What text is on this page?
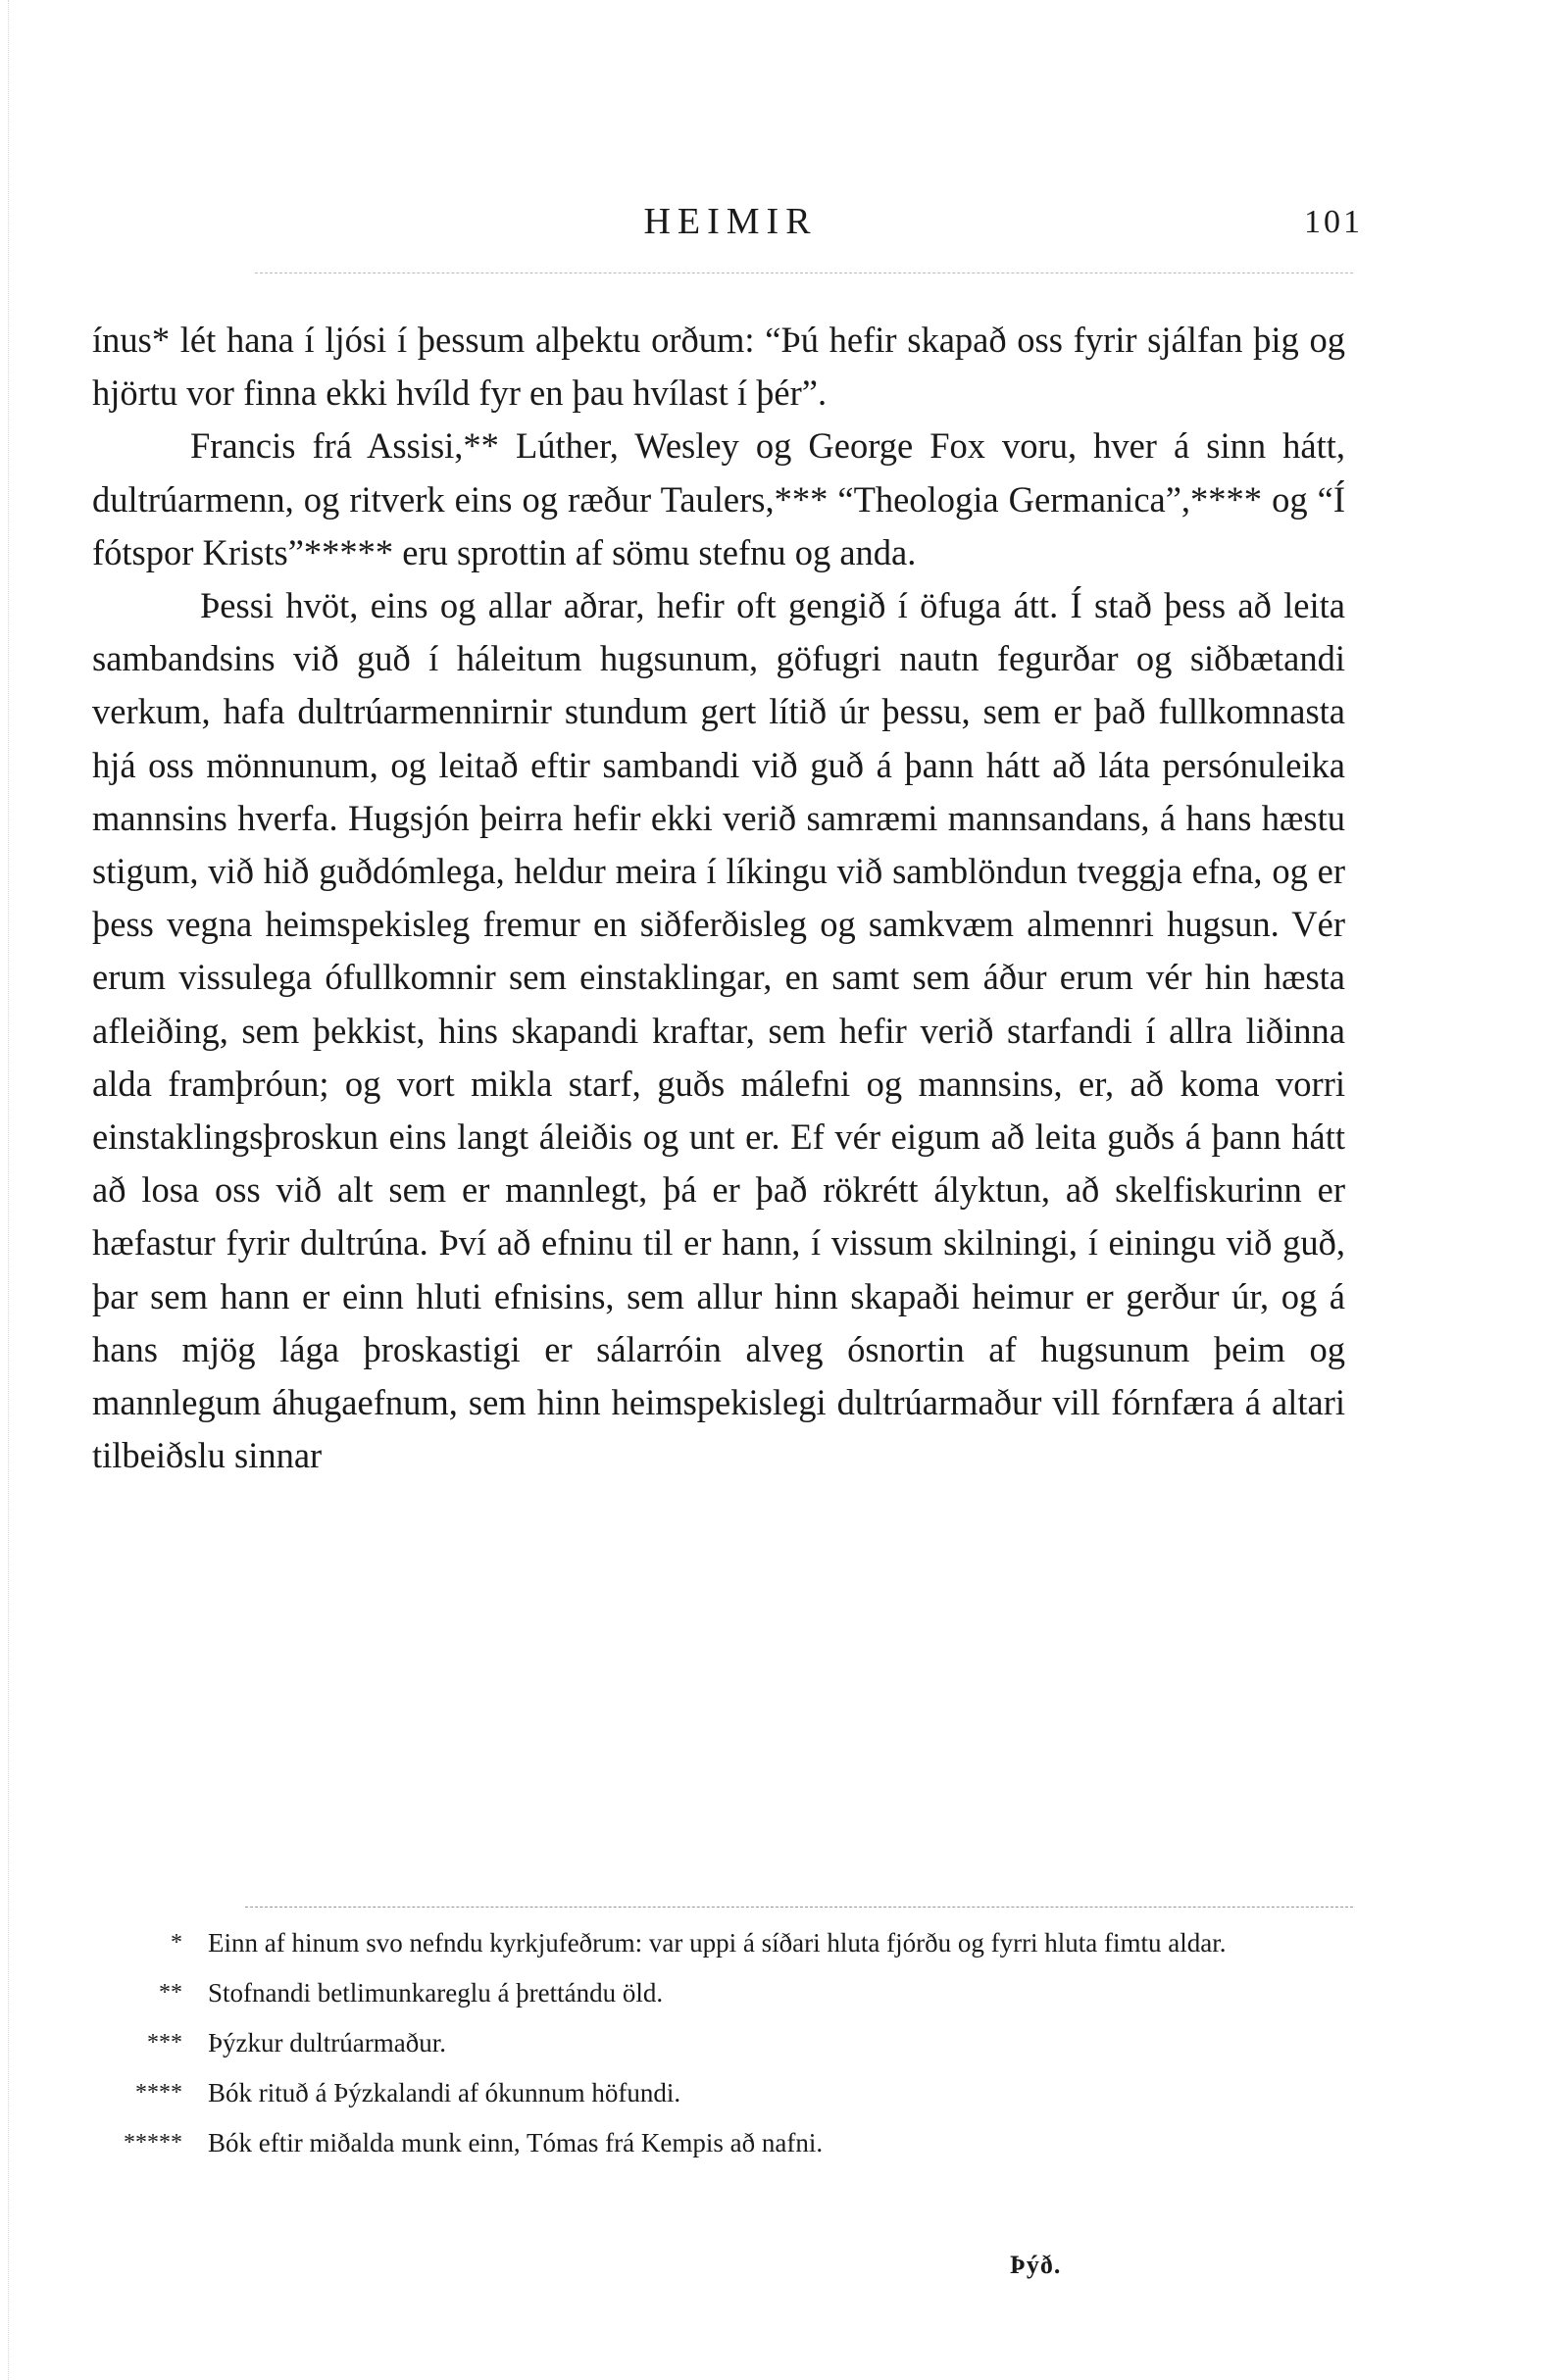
HEIMIR	101

ínus* lét hana í ljósi í þessum alþektu orðum: “Þú hefir skapað oss fyrir sjálfan þig og hjörtu vor finna ekki hvíld fyr en þau hvílast í þér”.

Francis frá Assisi,** Lúther, Wesley og George Fox voru, hver á sinn hátt, dultrúarmenn, og ritverk eins og ræður Taulers,*** “Theologia Germanica”,**** og “Í fótspor Krists”***** eru sprottin af sömu stefnu og anda.

Þessi hvöt, eins og allar aðrar, hefir oft gengið í öfuga átt. Í stað þess að leita sambandsins við guð í háleitum hugsunum, göfugri nautn fegurðar og siðbætandi verkum, hafa dultrúarmennirnir stundum gert lítið úr þessu, sem er það fullkomnasta hjá oss mönnunum, og leitað eftir sambandi við guð á þann hátt að láta persónuleika mannsins hverfa. Hugsjón þeirra hefir ekki verið samræmi mannsandans, á hans hæstu stigum, við hið guðdómlega, heldur meira í líkingu við samblöndun tveggja efna, og er þess vegna heimspekisleg fremur en siðferðisleg og samkvæm almennri hugsun. Vér erum vissulega ófullkomnir sem einstaklingar, en samt sem áður erum vér hin hæsta afleiðing, sem þekkist, hins skapandi kraftar, sem hefir verið starfandi í allra liðinna alda framþróun; og vort mikla starf, guðs málefni og mannsins, er, að koma vorri einstaklingsþroskun eins langt áleiðis og unt er. Ef vér eigum að leita guðs á þann hátt að losa oss við alt sem er mannlegt, þá er það rökrétt ályktun, að skelfiskurinn er hæfastur fyrir dultrúna. Því að efninu til er hann, í vissum skilningi, í einingu við guð, þar sem hann er einn hluti efnisins, sem allur hinn skapaði heimur er gerður úr, og á hans mjög lága þroskastigi er sálarróin alveg ósnortin af hugsunum þeim og mannlegum áhugaefnum, sem hinn heimspekislegi dultrúarmaður vill fórnfæra á altari tilbeiðslu sinnar

* Einn af hinum svo nefndu kyrkjufeðrum: var uppi á síðari hluta fjórðu og fyrri hluta fimtu aldar.
** Stofnandi betlimunkareglu á þrettándu öld.
*** Þýzkur dultrúarmaður.
**** Bók rituð á Þýzkalandi af ókunnum höfundi.
***** Bók eftir miðalda munk einn, Tómas frá Kempis að nafni.
Þýð.
